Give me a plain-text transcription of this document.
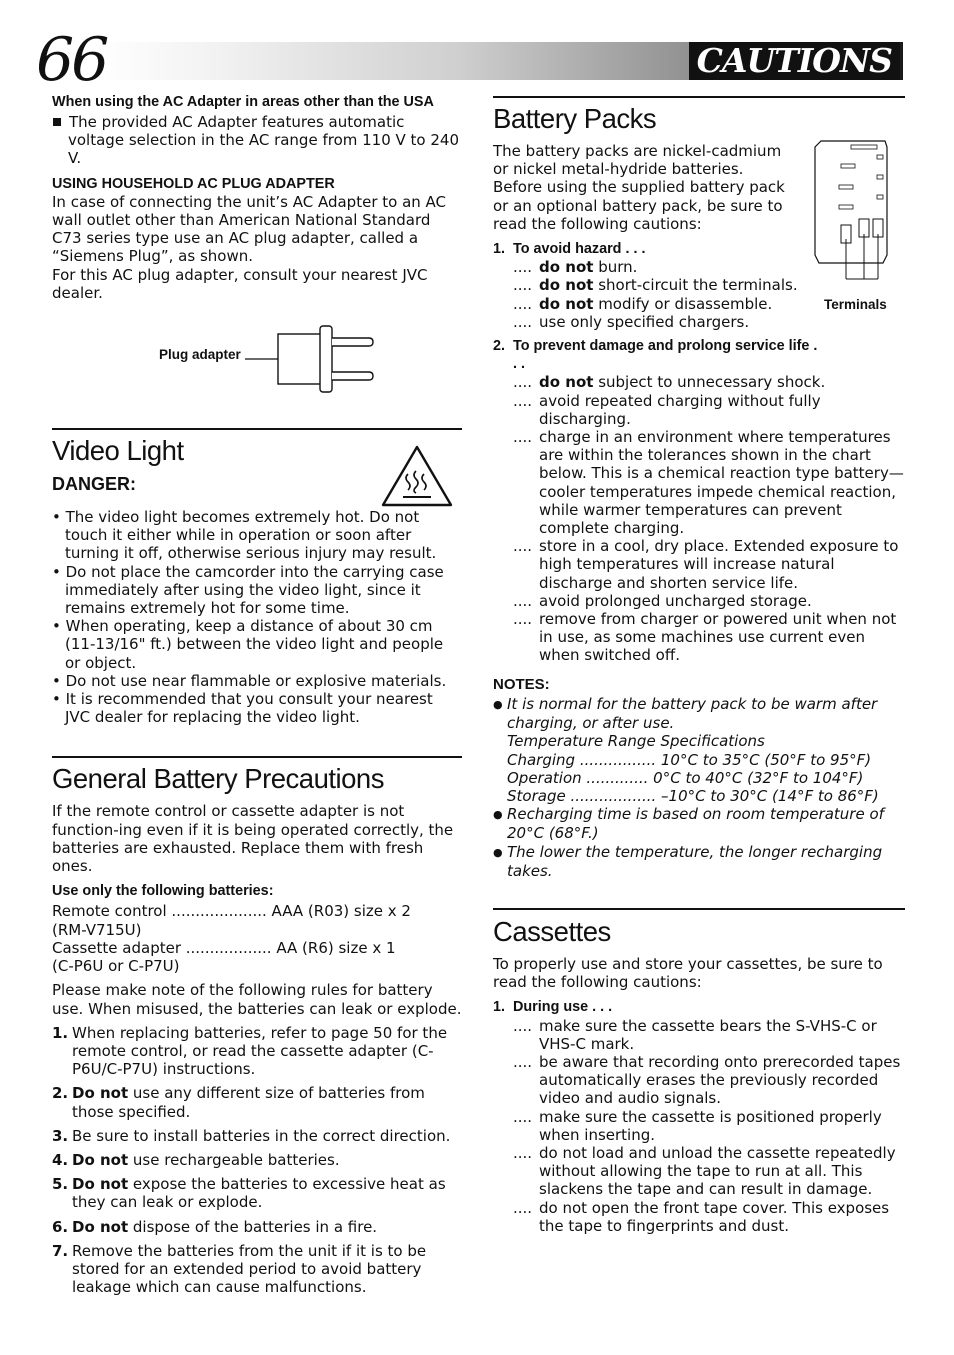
66	CAUTIONS

When using the AC Adapter in areas other than the USA

The provided AC Adapter features automatic voltage selection in the AC range from 110 V to 240 V.

USING HOUSEHOLD AC PLUG ADAPTER

In case of connecting the unit’s AC Adapter to an AC wall outlet other than American National Standard C73 series type use an AC plug adapter, called a “Siemens Plug”, as shown.

For this AC plug adapter, consult your nearest JVC dealer.

Plug adapter
Video Light

DANGER:

• The video light becomes extremely hot. Do not touch it either while in operation or soon after turning it off, otherwise serious injury may result.

• Do not place the camcorder into the carrying case immediately after using the video light, since it remains extremely hot for some time.

• When operating, keep a distance of about 30 cm (11-13/16" ft.) between the video light and people or object.

• Do not use near flammable or explosive materials.

• It is recommended that you consult your nearest JVC dealer for replacing the video light.

General Battery Precautions

If the remote control or cassette adapter is not function-ing even if it is being operated correctly, the batteries are exhausted. Replace them with fresh ones.

Use only the following batteries:

Remote control .................... AAA (R03) size x 2

(RM-V715U)

Cassette adapter .................. AA (R6) size x 1

(C-P6U or C-P7U)

Please make note of the following rules for battery use. When misused, the batteries can leak or explode.

1. When replacing batteries, refer to page 50 for the remote control, or read the cassette adapter (C-P6U/C-P7U) instructions.

2. Do not use any different size of batteries from those specified.

3. Be sure to install batteries in the correct direction.

4. Do not use rechargeable batteries.

5. Do not expose the batteries to excessive heat as they can leak or explode.

6. Do not dispose of the batteries in a fire.

7. Remove the batteries from the unit if it is to be stored for an extended period to avoid battery leakage which can cause malfunctions.

Battery Packs

The battery packs are nickel-cadmium or nickel metal-hydride batteries. Before using the supplied battery pack or an optional battery pack, be sure to read the following cautions:

Terminals

1. To avoid hazard . . .

.... do not burn.

.... do not short-circuit the terminals.

.... do not modify or disassemble.

.... use only specified chargers.

2. To prevent damage and prolong service life . . .

.... do not subject to unnecessary shock.

.... avoid repeated charging without fully discharging.

.... charge in an environment where temperatures are within the tolerances shown in the chart below. This is a chemical reaction type battery—cooler temperatures impede chemical reaction, while warmer temperatures can prevent complete charging.

.... store in a cool, dry place. Extended exposure to high temperatures will increase natural discharge and shorten service life.

.... avoid prolonged uncharged storage.

.... remove from charger or powered unit when not in use, as some machines use current even when switched off.

NOTES:

● It is normal for the battery pack to be warm after charging, or after use.

Temperature Range Specifications

Charging ................ 10°C to 35°C (50°F to 95°F)

Operation ............. 0°C to 40°C (32°F to 104°F)

Storage .................. –10°C to 30°C (14°F to 86°F)

● Recharging time is based on room temperature of 20°C (68°F.)

● The lower the temperature, the longer recharging takes.

Cassettes

To properly use and store your cassettes, be sure to read the following cautions:

1. During use . . .

.... make sure the cassette bears the S-VHS-C or VHS-C mark.

.... be aware that recording onto prerecorded tapes automatically erases the previously recorded video and audio signals.

.... make sure the cassette is positioned properly when inserting.

.... do not load and unload the cassette repeatedly without allowing the tape to run at all. This slackens the tape and can result in damage.

.... do not open the front tape cover. This exposes the tape to fingerprints and dust.
